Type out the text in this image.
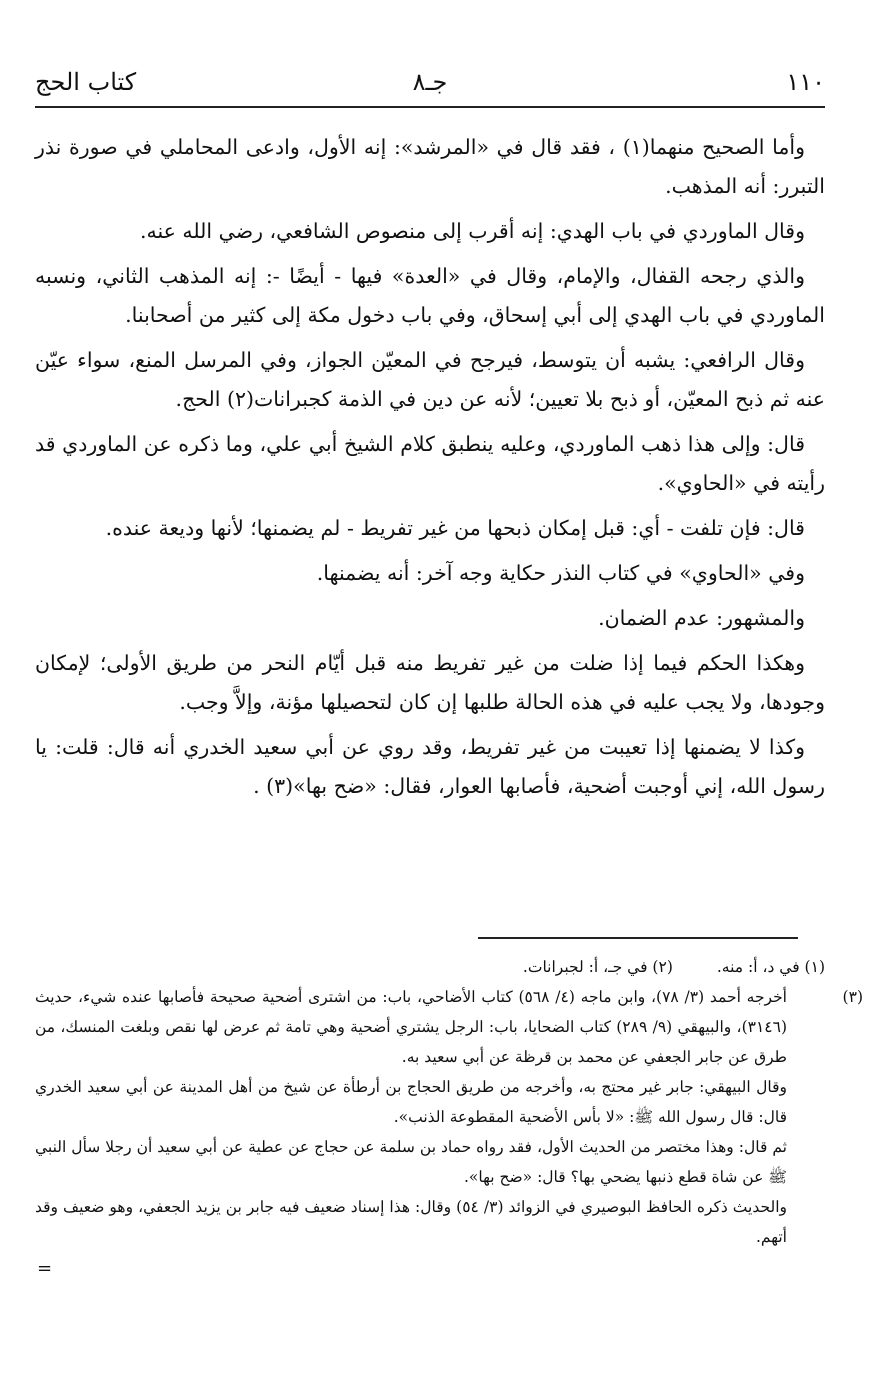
١١٠
جـ٨
كتاب الحج

وأما الصحيح منهما(١) ، فقد قال في «المرشد»: إنه الأول، وادعى المحاملي في صورة نذر التبرر: أنه المذهب.

وقال الماوردي في باب الهدي: إنه أقرب إلى منصوص الشافعي، رضي الله عنه.

والذي رجحه القفال، والإمام، وقال في «العدة» فيها - أيضًا -: إنه المذهب الثاني، ونسبه الماوردي في باب الهدي إلى أبي إسحاق، وفي باب دخول مكة إلى كثير من أصحابنا.

وقال الرافعي: يشبه أن يتوسط، فيرجح في المعيّن الجواز، وفي المرسل المنع، سواء عيّن عنه ثم ذبح المعيّن، أو ذبح بلا تعيين؛ لأنه عن دين في الذمة كجبرانات(٢) الحج.

قال: وإلى هذا ذهب الماوردي، وعليه ينطبق كلام الشيخ أبي علي، وما ذكره عن الماوردي قد رأيته في «الحاوي».

قال: فإن تلفت - أي: قبل إمكان ذبحها من غير تفريط - لم يضمنها؛ لأنها وديعة عنده.

وفي «الحاوي» في كتاب النذر حكاية وجه آخر: أنه يضمنها.

والمشهور: عدم الضمان.

وهكذا الحكم فيما إذا ضلت من غير تفريط منه قبل أيّام النحر من طريق الأولى؛ لإمكان وجودها، ولا يجب عليه في هذه الحالة طلبها إن كان لتحصيلها مؤنة، وإلاَّ وجب.

وكذا لا يضمنها إذا تعيبت من غير تفريط، وقد روي عن أبي سعيد الخدري أنه قال: قلت: يا رسول الله، إني أوجبت أضحية، فأصابها العوار، فقال: «ضح بها»(٣) .

(١) في د، أ: منه.
(٢) في جـ، أ: لجبرانات.

(٣)أخرجه أحمد (٣/ ٧٨)، وابن ماجه (٤/ ٥٦٨) كتاب الأضاحي، باب: من اشترى أضحية صحيحة فأصابها عنده شيء، حديث (٣١٤٦)، والبيهقي (٩/ ٢٨٩) كتاب الضحايا، باب: الرجل يشتري أضحية وهي تامة ثم عرض لها نقص وبلغت المنسك، من طرق عن جابر الجعفي عن محمد بن قرظة عن أبي سعيد به.

وقال البيهقي: جابر غير محتج به، وأخرجه من طريق الحجاج بن أرطأة عن شيخ من أهل المدينة عن أبي سعيد الخدري قال: قال رسول الله ﷺ: «لا بأس الأضحية المقطوعة الذنب».

ثم قال: وهذا مختصر من الحديث الأول، فقد رواه حماد بن سلمة عن حجاج عن عطية عن أبي سعيد أن رجلا سأل النبي ﷺ عن شاة قطع ذنبها يضحي بها؟ قال: «ضح بها».

والحديث ذكره الحافظ البوصيري في الزوائد (٣/ ٥٤) وقال: هذا إسناد ضعيف فيه جابر بن يزيد الجعفي، وهو ضعيف وقد أتهم.

=
